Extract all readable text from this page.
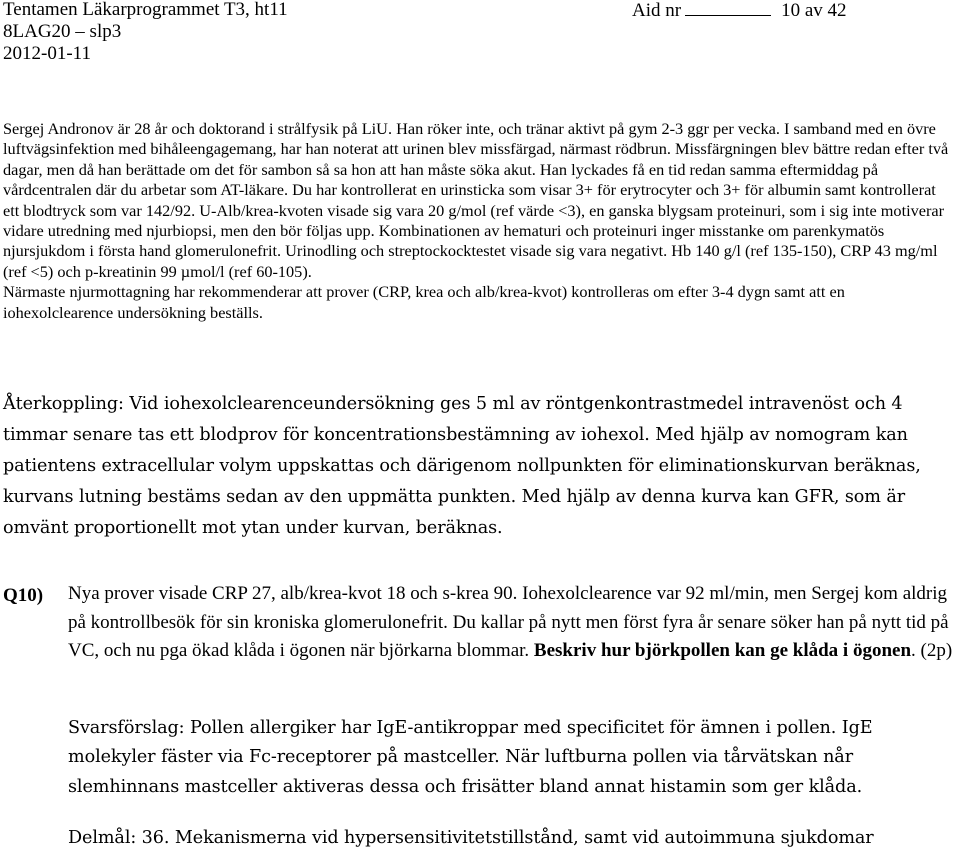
Tentamen Läkarprogrammet T3, ht11
8LAG20 – slp3
2012-01-11
Aid nr	10 av 42

Sergej Andronov är 28 år och doktorand i strålfysik på LiU. Han röker inte, och tränar aktivt på gym 2-3 ggr per vecka. I samband med en övre luftvägsinfektion med bihåleengagemang, har han noterat att urinen blev missfärgad, närmast rödbrun. Missfärgningen blev bättre redan efter två dagar, men då han berättade om det för sambon så sa hon att han måste söka akut. Han lyckades få en tid redan samma eftermiddag på vårdcentralen där du arbetar som AT-läkare. Du har kontrollerat en urinsticka som visar 3+ för erytrocyter och 3+ för albumin samt kontrollerat ett blodtryck som var 142/92. U-Alb/krea-kvoten visade sig vara 20 g/mol (ref värde <3), en ganska blygsam proteinuri, som i sig inte motiverar vidare utredning med njurbiopsi, men den bör följas upp. Kombinationen av hematuri och proteinuri inger misstanke om parenkymatös njursjukdom i första hand glomerulonefrit. Urinodling och streptockocktestet visade sig vara negativt. Hb 140 g/l (ref 135-150), CRP 43 mg/ml (ref <5) och p-kreatinin 99 µmol/l (ref 60-105).

Närmaste njurmottagning har rekommenderar att prover (CRP, krea och alb/krea-kvot) kontrolleras om efter 3-4 dygn samt att en iohexolclearence undersökning beställs.

Återkoppling: Vid iohexolclearenceundersökning ges 5 ml av röntgenkontrastmedel intravenöst och 4 timmar senare tas ett blodprov för koncentrationsbestämning av iohexol. Med hjälp av nomogram kan patientens extracellular volym uppskattas och därigenom nollpunkten för eliminationskurvan beräknas, kurvans lutning bestäms sedan av den uppmätta punkten. Med hjälp av denna kurva kan GFR, som är omvänt proportionellt mot ytan under kurvan, beräknas.

Q10) Nya prover visade CRP 27, alb/krea-kvot 18 och s-krea 90. Iohexolclearence var 92 ml/min, men Sergej kom aldrig på kontrollbesök för sin kroniska glomerulonefrit. Du kallar på nytt men först fyra år senare söker han på nytt tid på VC, och nu pga ökad klåda i ögonen när björkarna blommar. Beskriv hur björkpollen kan ge klåda i ögonen. (2p)

Svarsförslag: Pollen allergiker har IgE-antikroppar med specificitet för ämnen i pollen. IgE molekyler fäster via Fc-receptorer på mastceller. När luftburna pollen via tårvätskan når slemhinnans mastceller aktiveras dessa och frisätter bland annat histamin som ger klåda.

Delmål: 36. Mekanismerna vid hypersensitivitetstillstånd, samt vid autoimmuna sjukdomar
